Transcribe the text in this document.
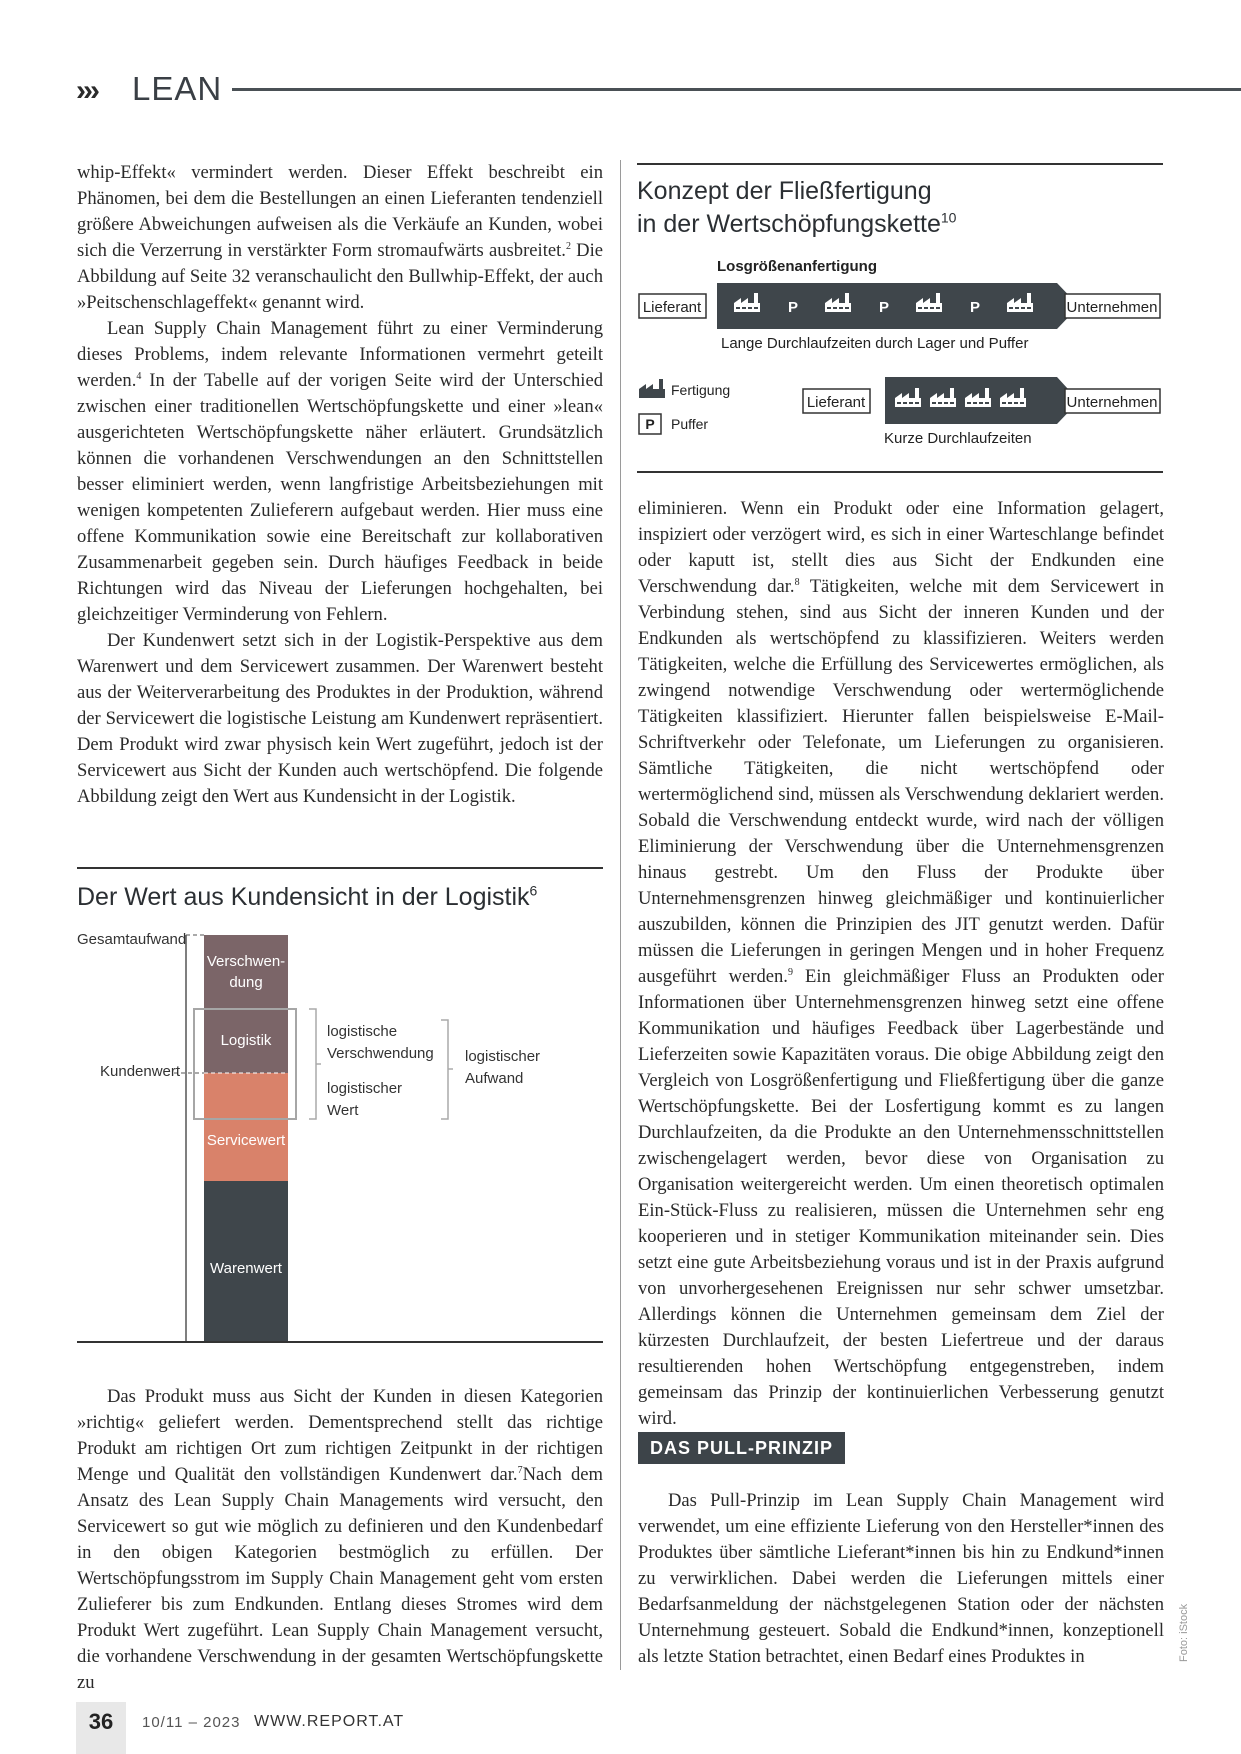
››› LEAN

whip-Effekt« vermindert werden. Dieser Effekt beschreibt ein Phänomen, bei dem die Bestellungen an einen Lieferanten tendenziell größere Abweichungen aufweisen als die Verkäufe an Kunden, wobei sich die Verzerrung in verstärkter Form stromaufwärts ausbreitet.$^2$ Die Abbildung auf Seite 32 veranschaulicht den Bullwhip-Effekt, der auch »Peitschenschlageffekt« genannt wird.

Lean Supply Chain Management führt zu einer Verminderung dieses Problems, indem relevante Informationen vermehrt geteilt werden.$^4$ In der Tabelle auf der vorigen Seite wird der Unterschied zwischen einer traditionellen Wertschöpfungskette und einer »lean« ausgerichteten Wertschöpfungskette näher erläutert. Grundsätzlich können die vorhandenen Verschwendungen an den Schnittstellen besser eliminiert werden, wenn langfristige Arbeitsbeziehungen mit wenigen kompetenten Zulieferern aufgebaut werden. Hier muss eine offene Kommunikation sowie eine Bereitschaft zur kollaborativen Zusammenarbeit gegeben sein. Durch häufiges Feedback in beide Richtungen wird das Niveau der Lieferungen hochgehalten, bei gleichzeitiger Verminderung von Fehlern.

Der Kundenwert setzt sich in der Logistik-Perspektive aus dem Warenwert und dem Servicewert zusammen. Der Warenwert besteht aus der Weiterverarbeitung des Produktes in der Produktion, während der Servicewert die logistische Leistung am Kundenwert repräsentiert. Dem Produkt wird zwar physisch kein Wert zugeführt, jedoch ist der Servicewert aus Sicht der Kunden auch wertschöpfend. Die folgende Abbildung zeigt den Wert aus Kundensicht in der Logistik.

Der Wert aus Kundensicht in der Logistik$^6$
Gesamtaufwand
Kundenwert
Verschwen-
dung
Logistik
Servicewert
Warenwert
logistische
Verschwendung
logistischer
Wert
logistischer
Aufwand

Das Produkt muss aus Sicht der Kunden in diesen Kategorien »richtig« geliefert werden. Dementsprechend stellt das richtige Produkt am richtigen Ort zum richtigen Zeitpunkt in der richtigen Menge und Qualität den vollständigen Kundenwert dar.$^7$Nach dem Ansatz des Lean Supply Chain Managements wird versucht, den Servicewert so gut wie möglich zu definieren und den Kundenbedarf in den obigen Kategorien bestmöglich zu erfüllen. Der Wertschöpfungsstrom im Supply Chain Management geht vom ersten Zulieferer bis zum Endkunden. Entlang dieses Stromes wird dem Produkt Wert zugeführt. Lean Supply Chain Management versucht, die vorhandene Verschwendung in der gesamten Wertschöpfungskette zu

Konzept der Fließfertigung
in der Wertschöpfungskette$^{10}$
Losgrößenanfertigung
Lieferant	P	P	P	Unternehmen
Lange Durchlaufzeiten durch Lager und Puffer
Fertigung
P Puffer
Lieferant	Unternehmen
Kurze Durchlaufzeiten

eliminieren. Wenn ein Produkt oder eine Information gelagert, inspiziert oder verzögert wird, es sich in einer Warteschlange befindet oder kaputt ist, stellt dies aus Sicht der Endkunden eine Verschwendung dar.$^8$ Tätigkeiten, welche mit dem Servicewert in Verbindung stehen, sind aus Sicht der inneren Kunden und der Endkunden als wertschöpfend zu klassifizieren. Weiters werden Tätigkeiten, welche die Erfüllung des Servicewertes ermöglichen, als zwingend notwendige Verschwendung oder wertermöglichende Tätigkeiten klassifiziert. Hierunter fallen beispielsweise E-Mail-Schriftverkehr oder Telefonate, um Lieferungen zu organisieren. Sämtliche Tätigkeiten, die nicht wertschöpfend oder wertermöglichend sind, müssen als Verschwendung deklariert werden. Sobald die Verschwendung entdeckt wurde, wird nach der völligen Eliminierung der Verschwendung über die Unternehmensgrenzen hinaus gestrebt. Um den Fluss der Produkte über Unternehmensgrenzen hinweg gleichmäßiger und kontinuierlicher auszubilden, können die Prinzipien des JIT genutzt werden. Dafür müssen die Lieferungen in geringen Mengen und in hoher Frequenz ausgeführt werden.$^9$ Ein gleichmäßiger Fluss an Produkten oder Informationen über Unternehmensgrenzen hinweg setzt eine offene Kommunikation und häufiges Feedback über Lagerbestände und Lieferzeiten sowie Kapazitäten voraus. Die obige Abbildung zeigt den Vergleich von Losgrößenfertigung und Fließfertigung über die ganze Wertschöpfungskette. Bei der Losfertigung kommt es zu langen Durchlaufzeiten, da die Produkte an den Unternehmensschnittstellen zwischengelagert werden, bevor diese von Organisation zu Organisation weitergereicht werden. Um einen theoretisch optimalen Ein-Stück-Fluss zu realisieren, müssen die Unternehmen sehr eng kooperieren und in stetiger Kommunikation miteinander sein. Dies setzt eine gute Arbeitsbeziehung voraus und ist in der Praxis aufgrund von unvorhergesehenen Ereignissen nur sehr schwer umsetzbar. Allerdings können die Unternehmen gemeinsam dem Ziel der kürzesten Durchlaufzeit, der besten Liefertreue und der daraus resultierenden hohen Wertschöpfung entgegenstreben, indem gemeinsam das Prinzip der kontinuierlichen Verbesserung genutzt wird.

DAS PULL-PRINZIP

Das Pull-Prinzip im Lean Supply Chain Management wird verwendet, um eine effiziente Lieferung von den Hersteller*innen des Produktes über sämtliche Lieferant*innen bis hin zu Endkund*innen zu verwirklichen. Dabei werden die Lieferungen mittels einer Bedarfsanmeldung der nächstgelegenen Station oder der nächsten Unternehmung gesteuert. Sobald die Endkund*innen, konzeptionell als letzte Station betrachtet, einen Bedarf eines Produktes in

36	10/11 – 2023 WWW.REPORT.AT
Foto: iStock
